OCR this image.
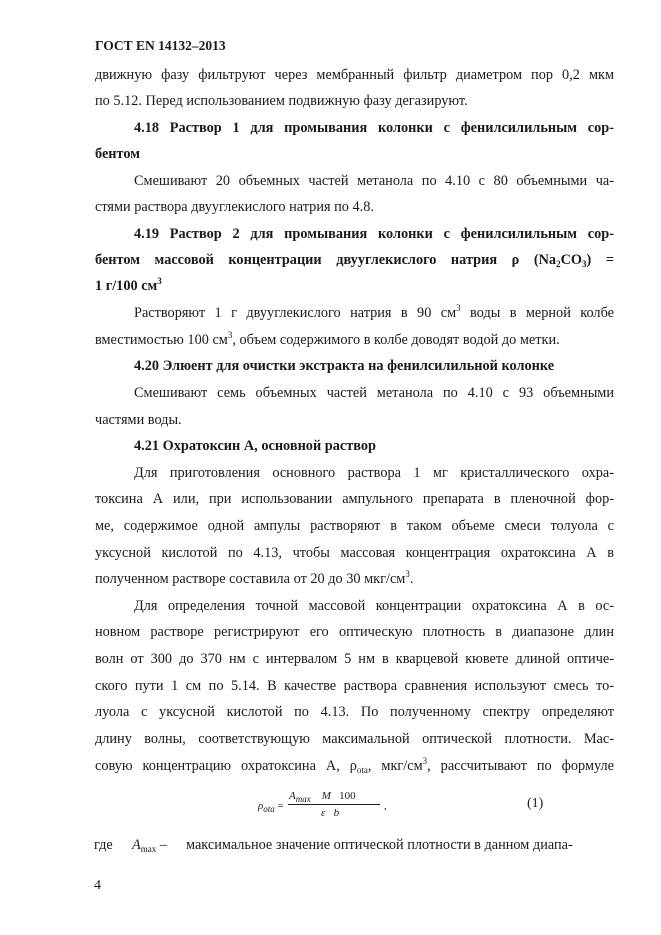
ГОСТ EN 14132–2013
движную фазу фильтруют через мембранный фильтр диаметром пор 0,2 мкм
по 5.12. Перед использованием подвижную фазу дегазируют.
4.18 Раствор 1 для промывания колонки с фенилсилильным сор-
бентом
Смешивают 20 объемных частей метанола по 4.10 с 80 объемными ча-
стями раствора двууглекислого натрия по 4.8.
4.19 Раствор 2 для промывания колонки с фенилсилильным сор-
бентом массовой концентрации двууглекислого натрия ρ $(Na_2CO_3)$ =
1 г/100 $см^3$
Растворяют 1 г двууглекислого натрия в 90 $см^3$ воды в мерной колбе
вместимостью 100 $см^3$, объем содержимого в колбе доводят водой до метки.
4.20 Элюент для очистки экстракта на фенилсилильной колонке
Смешивают семь объемных частей метанола по 4.10 с 93 объемными
частями воды.
4.21 Охратоксин А, основной раствор
Для приготовления основного раствора 1 мг кристаллического охра-
токсина А или, при использовании ампульного препарата в пленочной фор-
ме, содержимое одной ампулы растворяют в таком объеме смеси толуола с
уксусной кислотой по 4.13, чтобы массовая концентрация охратоксина А в
полученном растворе составила от 20 до 30 мкг/$см^3$.
Для определения точной массовой концентрации охратоксина А в ос-
новном растворе регистрируют его оптическую плотность в диапазоне длин
волн от 300 до 370 нм с интервалом 5 нм в кварцевой кювете длиной оптиче-
ского пути 1 см по 5.14. В качестве раствора сравнения используют смесь то-
луола с уксусной кислотой по 4.13. По полученному спектру определяют
длину волны, соответствующую максимальной оптической плотности. Мас-
совую концентрацию охратоксина А, $\rho_{ota}$, мкг/$см^3$, рассчитывают по формуле
$\rho_{ota}$ =
$A_{max}$ M 100
ε b
,	(1)
где $A_{max}$ – максимальное значение оптической плотности в данном диапа-
4
